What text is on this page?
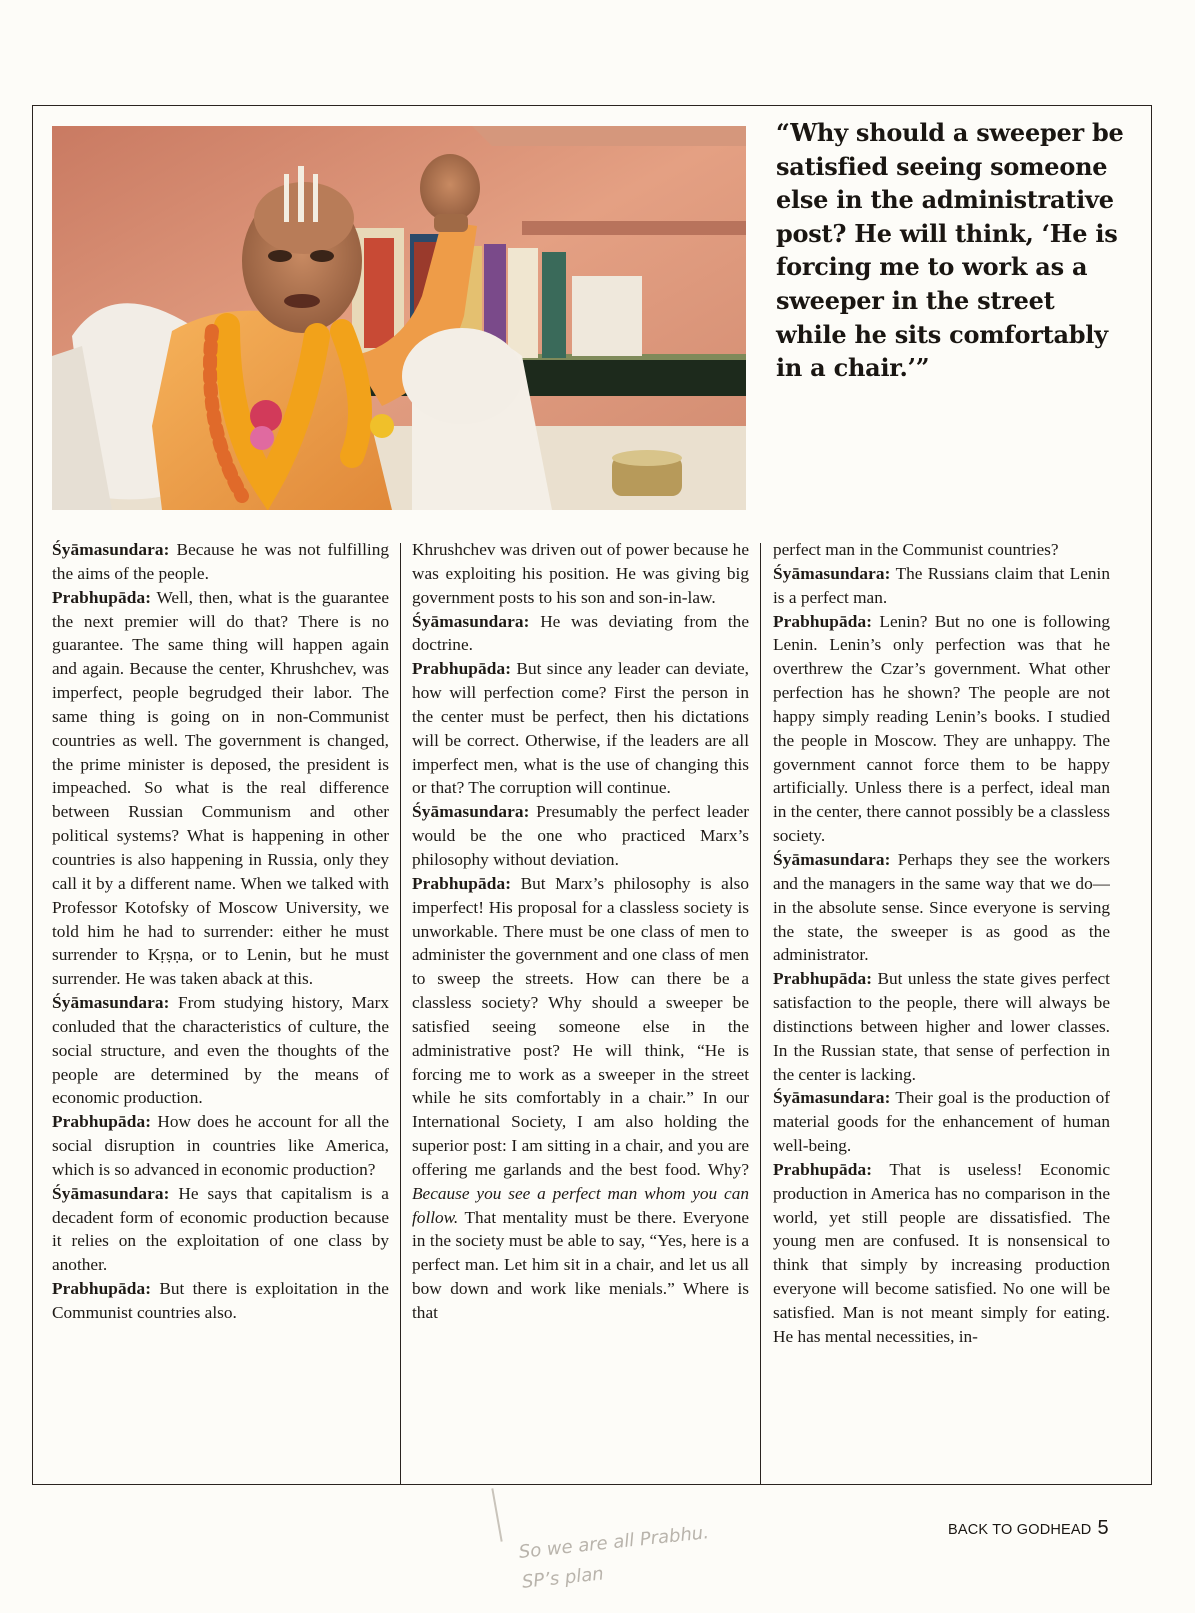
“Why should a sweeper be satisfied seeing someone else in the administrative post? He will think, ‘He is forcing me to work as a sweeper in the street while he sits comfortably in a chair.’”

Śyāmasundara: Because he was not fulfilling the aims of the people.

Prabhupāda: Well, then, what is the guarantee the next premier will do that? There is no guarantee. The same thing will happen again and again. Because the center, Khrushchev, was imperfect, people begrudged their labor. The same thing is going on in non-Communist countries as well. The government is changed, the prime minister is deposed, the president is impeached. So what is the real difference between Russian Communism and other political systems? What is happening in other countries is also happening in Russia, only they call it by a different name. When we talked with Professor Kotofsky of Moscow University, we told him he had to surrender: either he must surrender to Kṛṣṇa, or to Lenin, but he must surrender. He was taken aback at this.

Śyāmasundara: From studying history, Marx conluded that the characteristics of culture, the social structure, and even the thoughts of the people are determined by the means of economic production.

Prabhupāda: How does he account for all the social disruption in countries like America, which is so advanced in economic production?

Śyāmasundara: He says that capitalism is a decadent form of economic production because it relies on the exploitation of one class by another.

Prabhupāda: But there is exploitation in the Communist countries also.

Khrushchev was driven out of power because he was exploiting his position. He was giving big government posts to his son and son-in-law.

Śyāmasundara: He was deviating from the doctrine.

Prabhupāda: But since any leader can deviate, how will perfection come? First the person in the center must be perfect, then his dictations will be correct. Otherwise, if the leaders are all imperfect men, what is the use of changing this or that? The corruption will continue.

Śyāmasundara: Presumably the perfect leader would be the one who practiced Marx’s philosophy without deviation.

Prabhupāda: But Marx’s philosophy is also imperfect! His proposal for a classless society is unworkable. There must be one class of men to administer the government and one class of men to sweep the streets. How can there be a classless society? Why should a sweeper be satisfied seeing someone else in the administrative post? He will think, “He is forcing me to work as a sweeper in the street while he sits comfortably in a chair.” In our International Society, I am also holding the superior post: I am sitting in a chair, and you are offering me garlands and the best food. Why? Because you see a perfect man whom you can follow. That mentality must be there. Everyone in the society must be able to say, “Yes, here is a perfect man. Let him sit in a chair, and let us all bow down and work like menials.” Where is that

perfect man in the Communist countries?

Śyāmasundara: The Russians claim that Lenin is a perfect man.

Prabhupāda: Lenin? But no one is following Lenin. Lenin’s only perfection was that he overthrew the Czar’s government. What other perfection has he shown? The people are not happy simply reading Lenin’s books. I studied the people in Moscow. They are unhappy. The government cannot force them to be happy artificially. Unless there is a perfect, ideal man in the center, there cannot possibly be a classless society.

Śyāmasundara: Perhaps they see the workers and the managers in the same way that we do—in the absolute sense. Since everyone is serving the state, the sweeper is as good as the administrator.

Prabhupāda: But unless the state gives perfect satisfaction to the people, there will always be distinctions between higher and lower classes. In the Russian state, that sense of perfection in the center is lacking.

Śyāmasundara: Their goal is the production of material goods for the enhancement of human well-being.

Prabhupāda: That is useless! Economic production in America has no comparison in the world, yet still people are dissatisfied. The young men are confused. It is nonsensical to think that simply by increasing production everyone will become satisfied. No one will be satisfied. Man is not meant simply for eating. He has mental necessities, in-

So we are all Prabhu.
SP’s plan
BACK TO GODHEAD 5
